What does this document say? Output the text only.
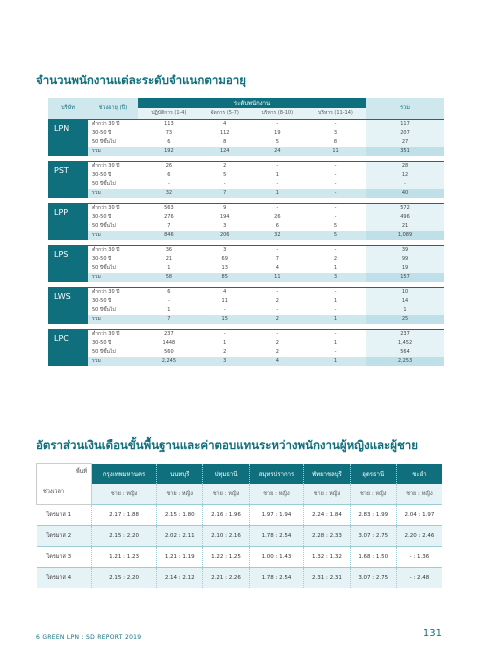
จำนวนพนักงานแต่ละระดับจำแนกตามอายุ
บริษัท	ช่วงอายุ (ปี)	ระดับพนักงาน				รวม
		ปฏิบัติการ (1-4)	จัดการ (5-7)	บริหาร (8-10)	บริหาร (11-14)	
LPN	ต่ำกว่า 30 ปี	113	4	-	-	117
	30-50 ปี	73	112	19	3	207
	50 ปีขึ้นไป	6	8	5	8	27
	รวม	192	124	24	11	351

PST	ต่ำกว่า 30 ปี	26	2	-	-	28
	30-50 ปี	6	5	1	-	12
	50 ปีขึ้นไป	-	-	-	-	-
	รวม	32	7	1	-	40

LPP	ต่ำกว่า 30 ปี	563	9	-	-	572
	30-50 ปี	276	194	26	-	496
	50 ปีขึ้นไป	7	3	6	5	21
	รวม	846	206	32	5	1,089

LPS	ต่ำกว่า 30 ปี	36	3	-	-	39
	30-50 ปี	21	69	7	2	99
	50 ปีขึ้นไป	1	13	4	1	19
	รวม	58	85	11	3	157

LWS	ต่ำกว่า 30 ปี	6	4	-	-	10
	30-50 ปี	-	11	2	1	14
	50 ปีขึ้นไป	1	-	-	-	1
	รวม	7	15	2	1	25

LPC	ต่ำกว่า 30 ปี	237	-	-	-	237
	30-50 ปี	1448	1	2	1	1,452
	50 ปีขึ้นไป	560	2	2	-	564
	รวม	2,245	3	4	1	2,253
อัตราส่วนเงินเดือนขั้นพื้นฐานและค่าตอบแทนระหว่างพนักงานผู้หญิงและผู้ชาย
พื้นที่
ช่วงเวลา	กรุงเทพมหานคร	นนทบุรี	ปทุมธานี	สมุทรปราการ	พัทยาชลบุรี	อุดรธานี	ชะอำ
	ชาย : หญิง	ชาย : หญิง	ชาย : หญิง	ชาย : หญิง	ชาย : หญิง	ชาย : หญิง	ชาย : หญิง
ไตรมาส 1	2.17 : 1.88	2.15 : 1.80	2.16 : 1.96	1.97 : 1.94	2.24 : 1.84	2.83 : 1.99	2.04 : 1.97
ไตรมาส 2	2.15 : 2.20	2.02 : 2.11	2.10 : 2.16	1.78 : 2.54	2.28 : 2.33	3.07 : 2.75	2.20 : 2.46
ไตรมาส 3	1.21 : 1.23	1.21 : 1.19	1.22 : 1.25	1.00 : 1.43	1.32 : 1.32	1.68 : 1.50	- : 1.36
ไตรมาส 4	2.15 : 2.20	2.14 : 2.12	2.21 : 2.26	1.78 : 2.54	2.31 : 2.31	3.07 : 2.75	- : 2.48
6 GREEN LPN : SD REPORT 2019	131
